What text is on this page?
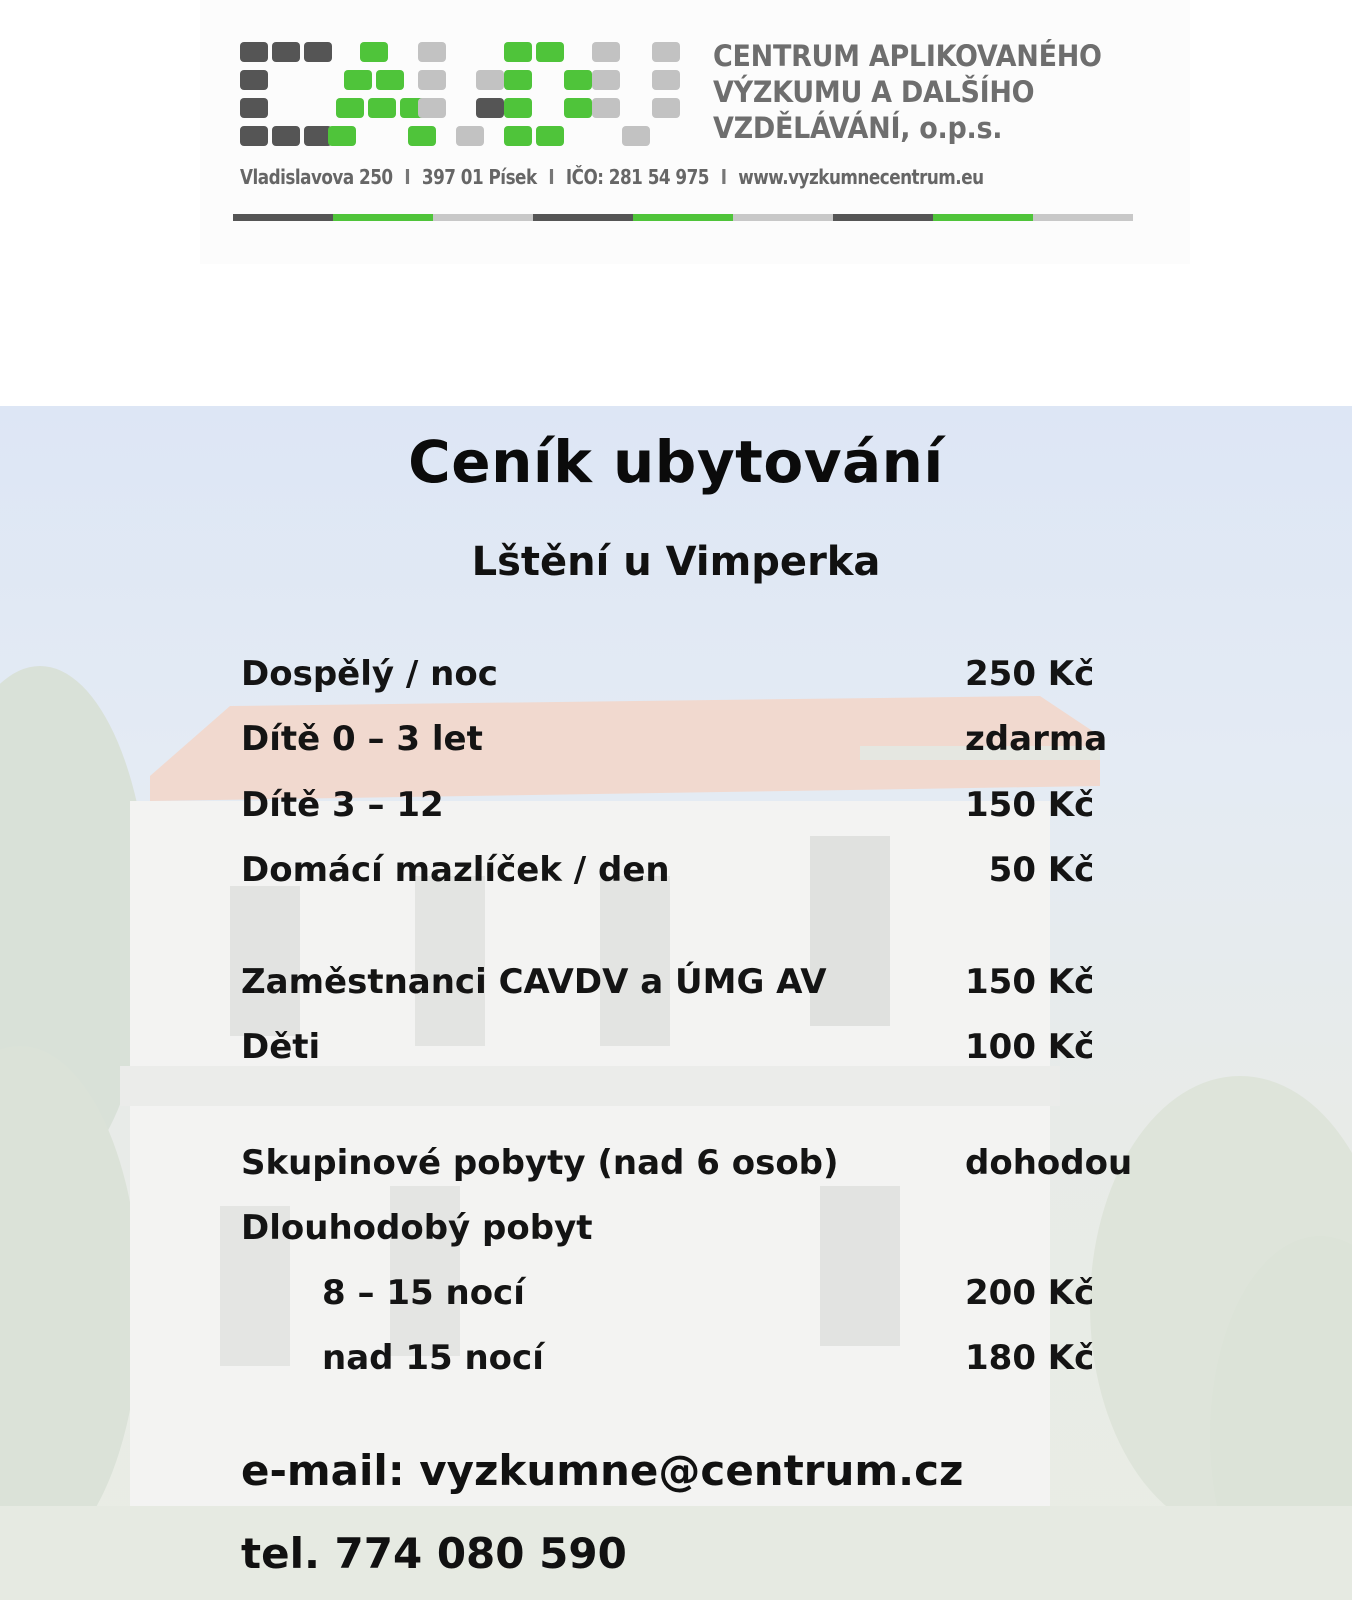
CENTRUM APLIKOVANÉHO
VÝZKUMU A DALŠÍHO
VZDĚLÁVÁNÍ, o.p.s.
Vladislavova 250 I 397 01 Písek I IČO: 281 54 975 I www.vyzkumnecentrum.eu
Ceník ubytování
Lštění u Vimperka
Dospělý / noc	250 Kč
Dítě 0 – 3 let	zdarma
Dítě 3 – 12	150 Kč
Domácí mazlíček / den	50 Kč
Zaměstnanci CAVDV a ÚMG AV	150 Kč
Děti	100 Kč
Skupinové pobyty (nad 6 osob)	dohodou
Dlouhodobý pobyt
8 – 15 nocí	200 Kč
nad 15 nocí	180 Kč
e-mail: vyzkumne@centrum.cz
tel. 774 080 590
